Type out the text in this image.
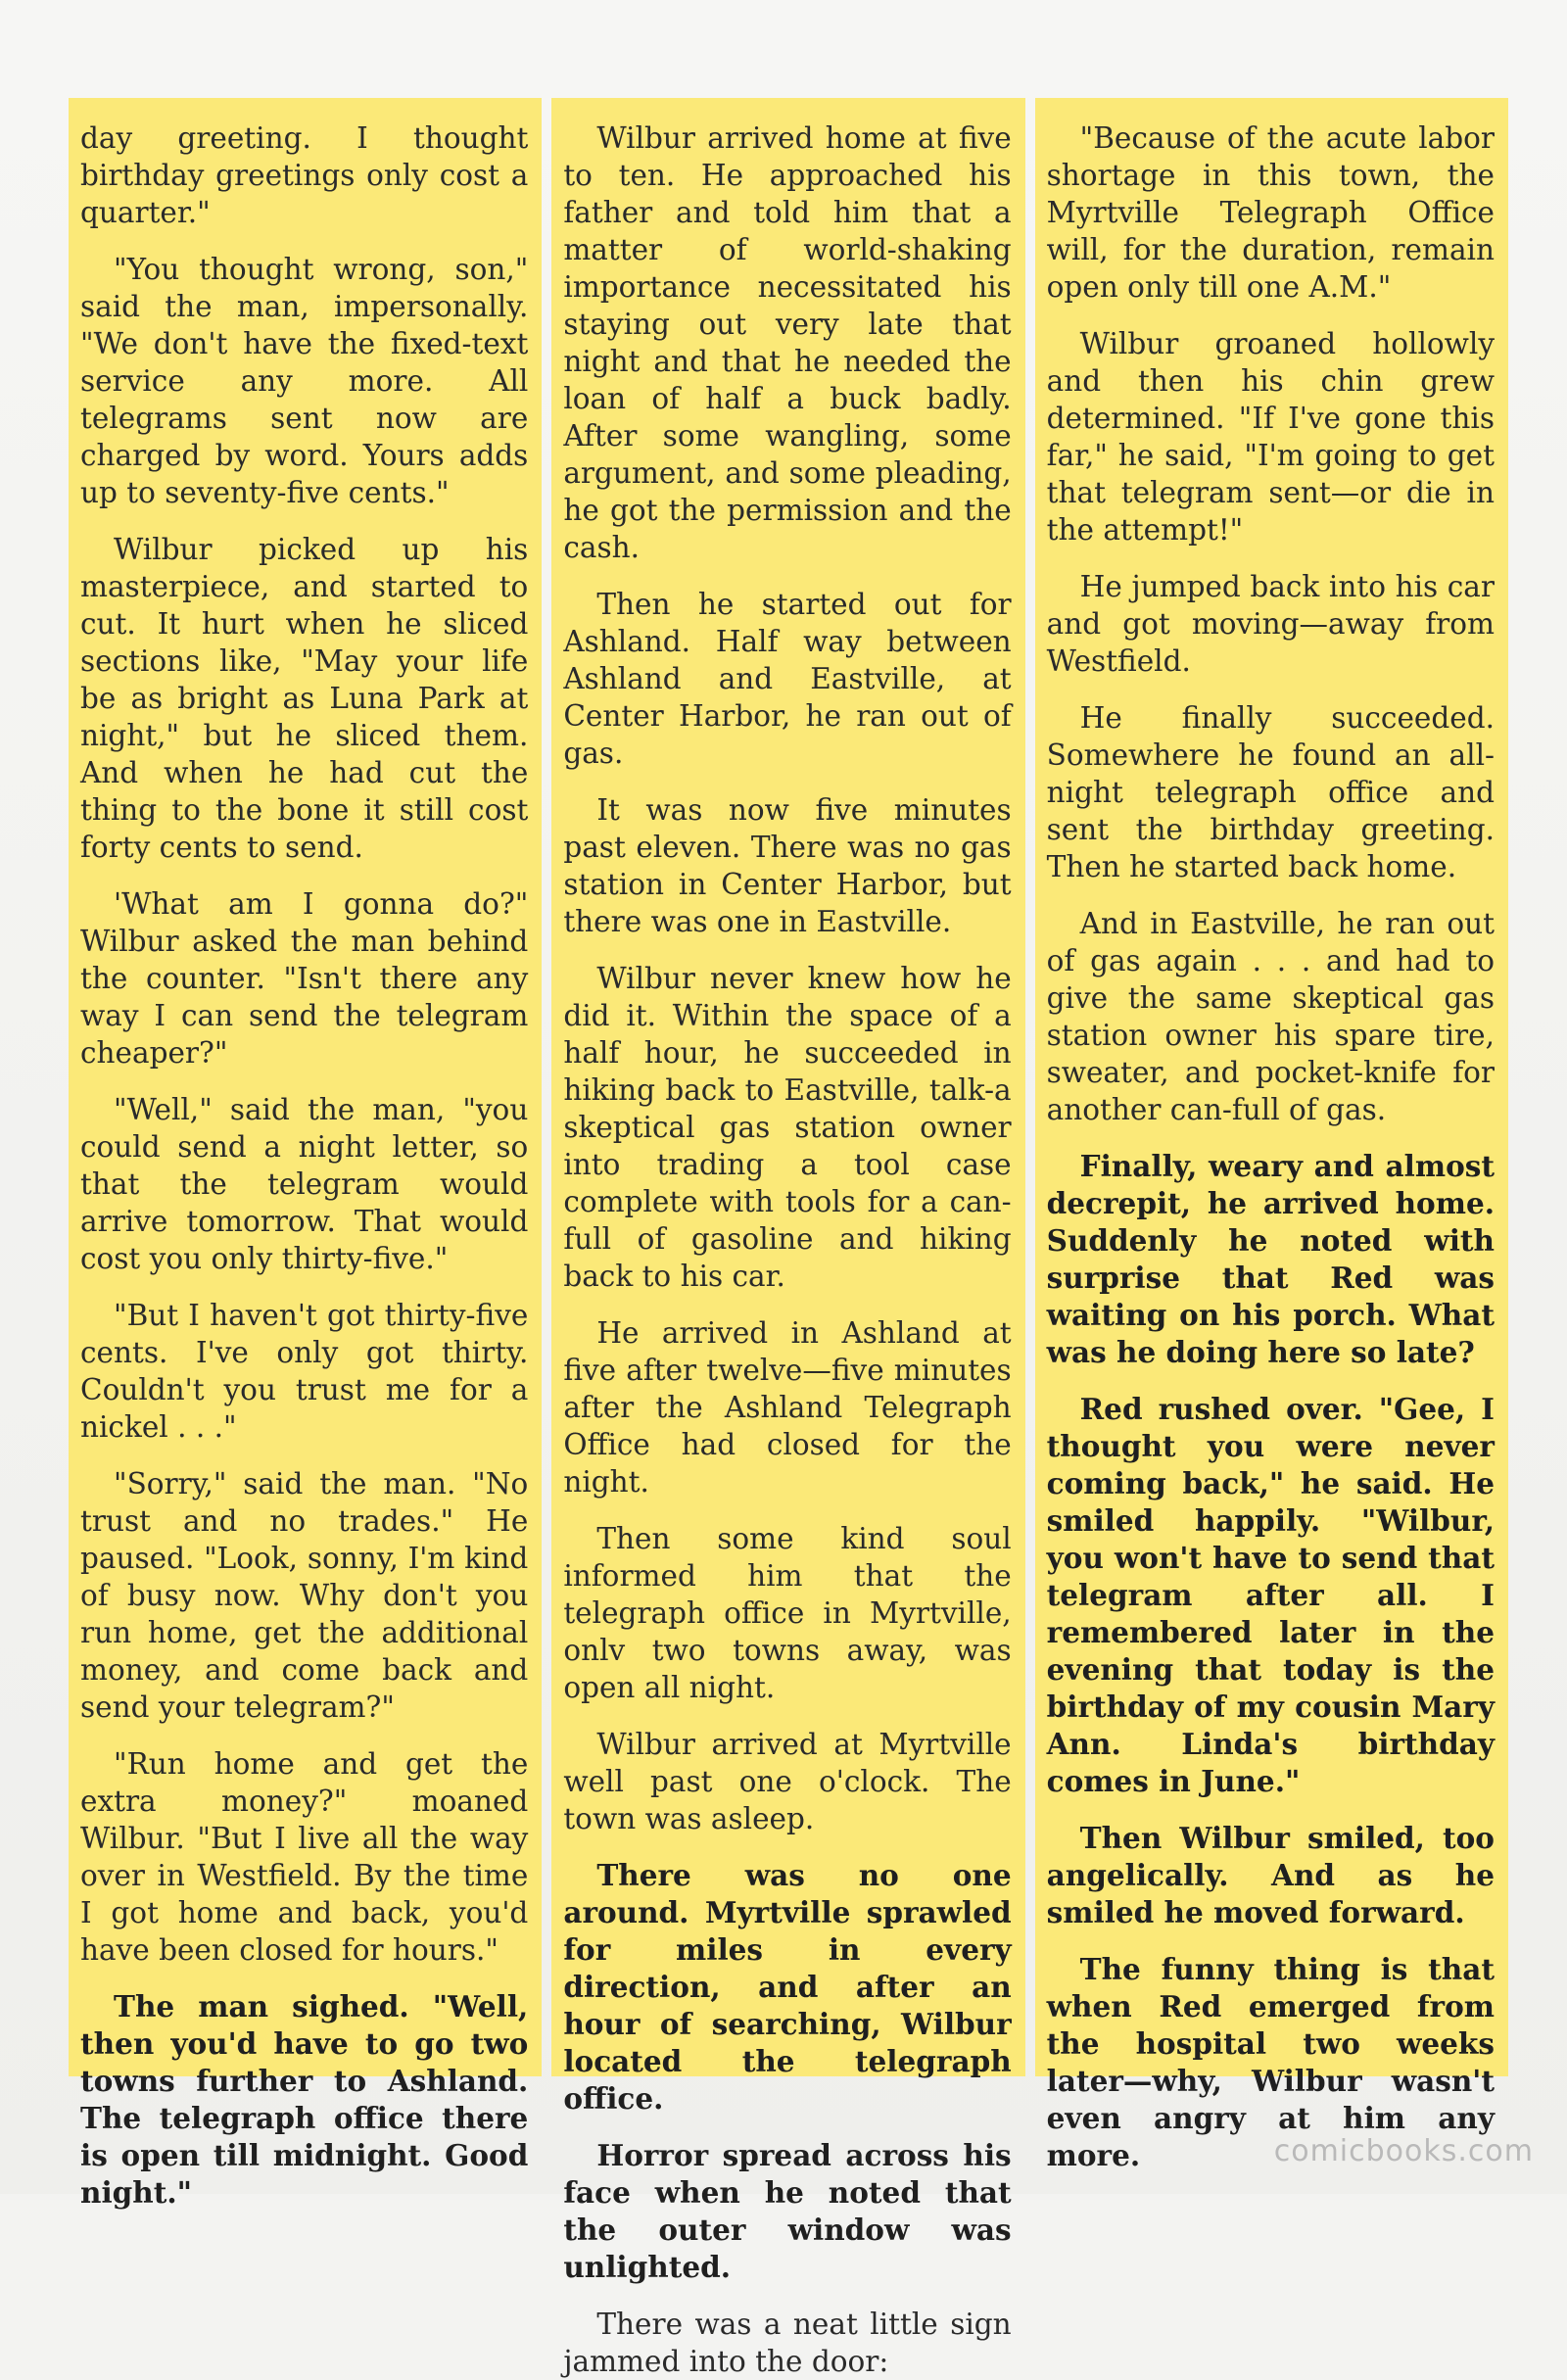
day greeting. I thought birthday greetings only cost a quarter."

"You thought wrong, son," said the man, impersonally. "We don't have the fixed-text service any more. All telegrams sent now are charged by word. Yours adds up to seventy-five cents."

Wilbur picked up his masterpiece, and started to cut. It hurt when he sliced sections like, "May your life be as bright as Luna Park at night," but he sliced them. And when he had cut the thing to the bone it still cost forty cents to send.

'What am I gonna do?" Wilbur asked the man behind the counter. "Isn't there any way I can send the telegram cheaper?"

"Well," said the man, "you could send a night letter, so that the telegram would arrive tomorrow. That would cost you only thirty-five."

"But I haven't got thirty-five cents. I've only got thirty. Couldn't you trust me for a nickel . . ."

"Sorry," said the man. "No trust and no trades." He paused. "Look, sonny, I'm kind of busy now. Why don't you run home, get the additional money, and come back and send your telegram?"

"Run home and get the extra money?" moaned Wilbur. "But I live all the way over in Westfield. By the time I got home and back, you'd have been closed for hours."

The man sighed. "Well, then you'd have to go two towns further to Ashland. The telegraph office there is open till midnight. Good night."

Wilbur arrived home at five to ten. He approached his father and told him that a matter of world-shaking importance necessitated his staying out very late that night and that he needed the loan of half a buck badly. After some wangling, some argument, and some pleading, he got the permission and the cash.

Then he started out for Ashland. Half way between Ashland and Eastville, at Center Harbor, he ran out of gas.

It was now five minutes past eleven. There was no gas station in Center Harbor, but there was one in Eastville.

Wilbur never knew how he did it. Within the space of a half hour, he succeeded in hiking back to Eastville, talk-a skeptical gas station owner into trading a tool case complete with tools for a can-full of gasoline and hiking back to his car.

He arrived in Ashland at five after twelve—five minutes after the Ashland Telegraph Office had closed for the night.

Then some kind soul informed him that the telegraph office in Myrtville, onlv two towns away, was open all night.

Wilbur arrived at Myrtville well past one o'clock. The town was asleep.

There was no one around. Myrtville sprawled for miles in every direction, and after an hour of searching, Wilbur located the telegraph office.

Horror spread across his face when he noted that the outer window was unlighted.

There was a neat little sign jammed into the door:

"Because of the acute labor shortage in this town, the Myrtville Telegraph Office will, for the duration, remain open only till one A.M."

Wilbur groaned hollowly and then his chin grew determined. "If I've gone this far," he said, "I'm going to get that telegram sent—or die in the attempt!"

He jumped back into his car and got moving—away from Westfield.

He finally succeeded. Somewhere he found an all-night telegraph office and sent the birthday greeting. Then he started back home.

And in Eastville, he ran out of gas again . . . and had to give the same skeptical gas station owner his spare tire, sweater, and pocket-knife for another can-full of gas.

Finally, weary and almost decrepit, he arrived home. Suddenly he noted with surprise that Red was waiting on his porch. What was he doing here so late?

Red rushed over. "Gee, I thought you were never coming back," he said. He smiled happily. "Wilbur, you won't have to send that telegram after all. I remembered later in the evening that today is the birthday of my cousin Mary Ann. Linda's birthday comes in June."

Then Wilbur smiled, too angelically. And as he smiled he moved forward.

The funny thing is that when Red emerged from the hospital two weeks later—why, Wilbur wasn't even angry at him any more.	comicbooks.com
